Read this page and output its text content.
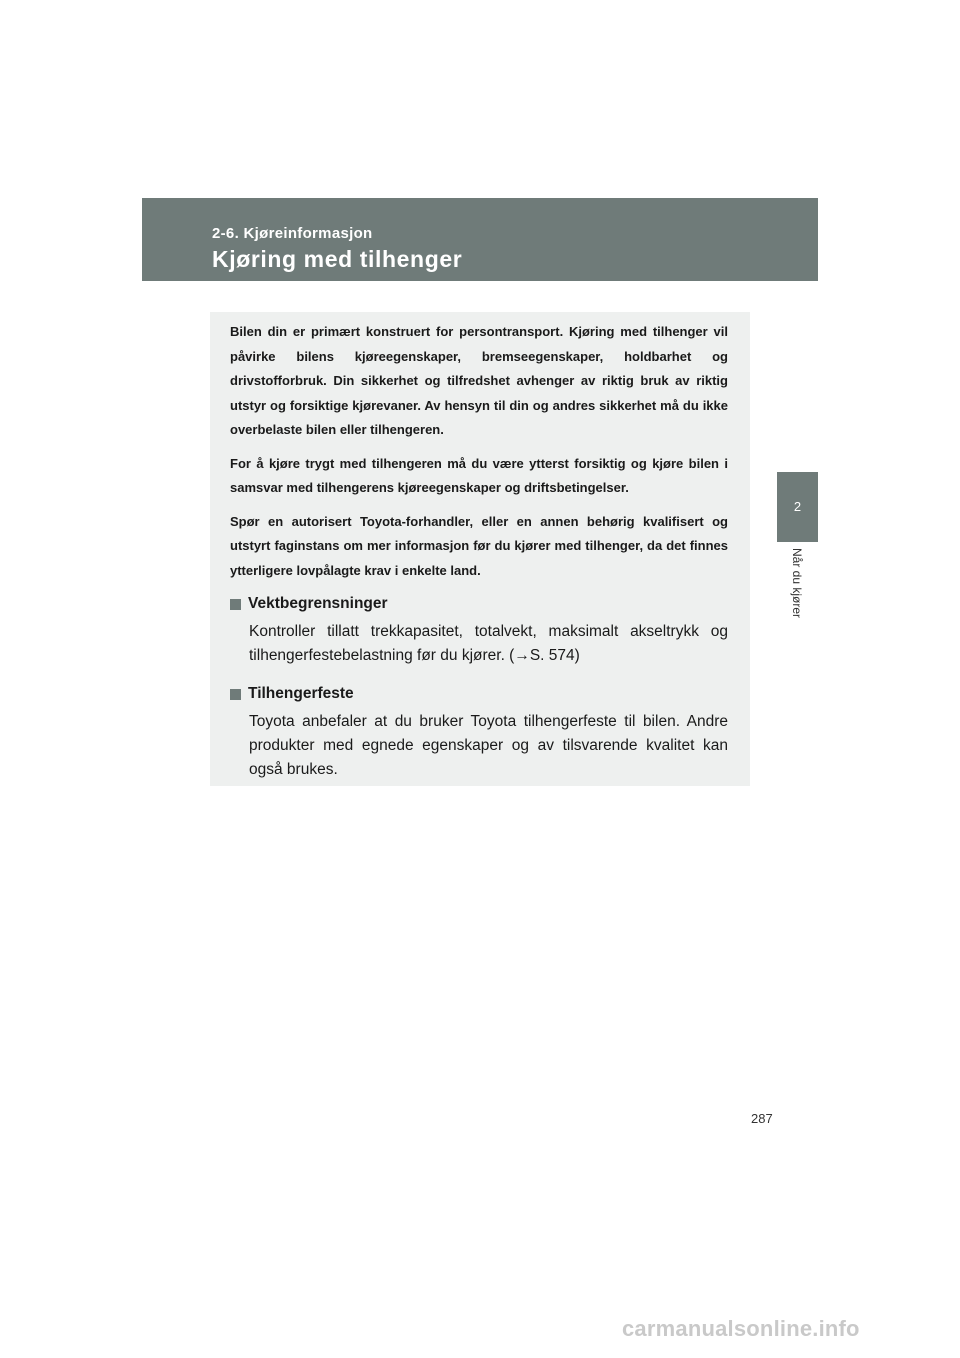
2-6. Kjøreinformasjon
Kjøring med tilhenger
2
Når du kjører

Bilen din er primært konstruert for persontransport. Kjøring med tilhenger vil påvirke bilens kjøreegenskaper, bremseegenskaper, holdbarhet og drivstofforbruk. Din sikkerhet og tilfredshet avhenger av riktig bruk av riktig utstyr og forsiktige kjørevaner. Av hensyn til din og andres sikkerhet må du ikke overbelaste bilen eller tilhengeren.

For å kjøre trygt med tilhengeren må du være ytterst forsiktig og kjøre bilen i samsvar med tilhengerens kjøreegenskaper og driftsbetingelser.

Spør en autorisert Toyota-forhandler, eller en annen behørig kvalifisert og utstyrt faginstans om mer informasjon før du kjører med tilhenger, da det finnes ytterligere lovpålagte krav i enkelte land.

Vektbegrensninger
Kontroller tillatt trekkapasitet, totalvekt, maksimalt akseltrykk og tilhengerfestebelastning før du kjører. (→S. 574)
Tilhengerfeste
Toyota anbefaler at du bruker Toyota tilhengerfeste til bilen. Andre produkter med egnede egenskaper og av tilsvarende kvalitet kan også brukes.
287
carmanualsonline.info
